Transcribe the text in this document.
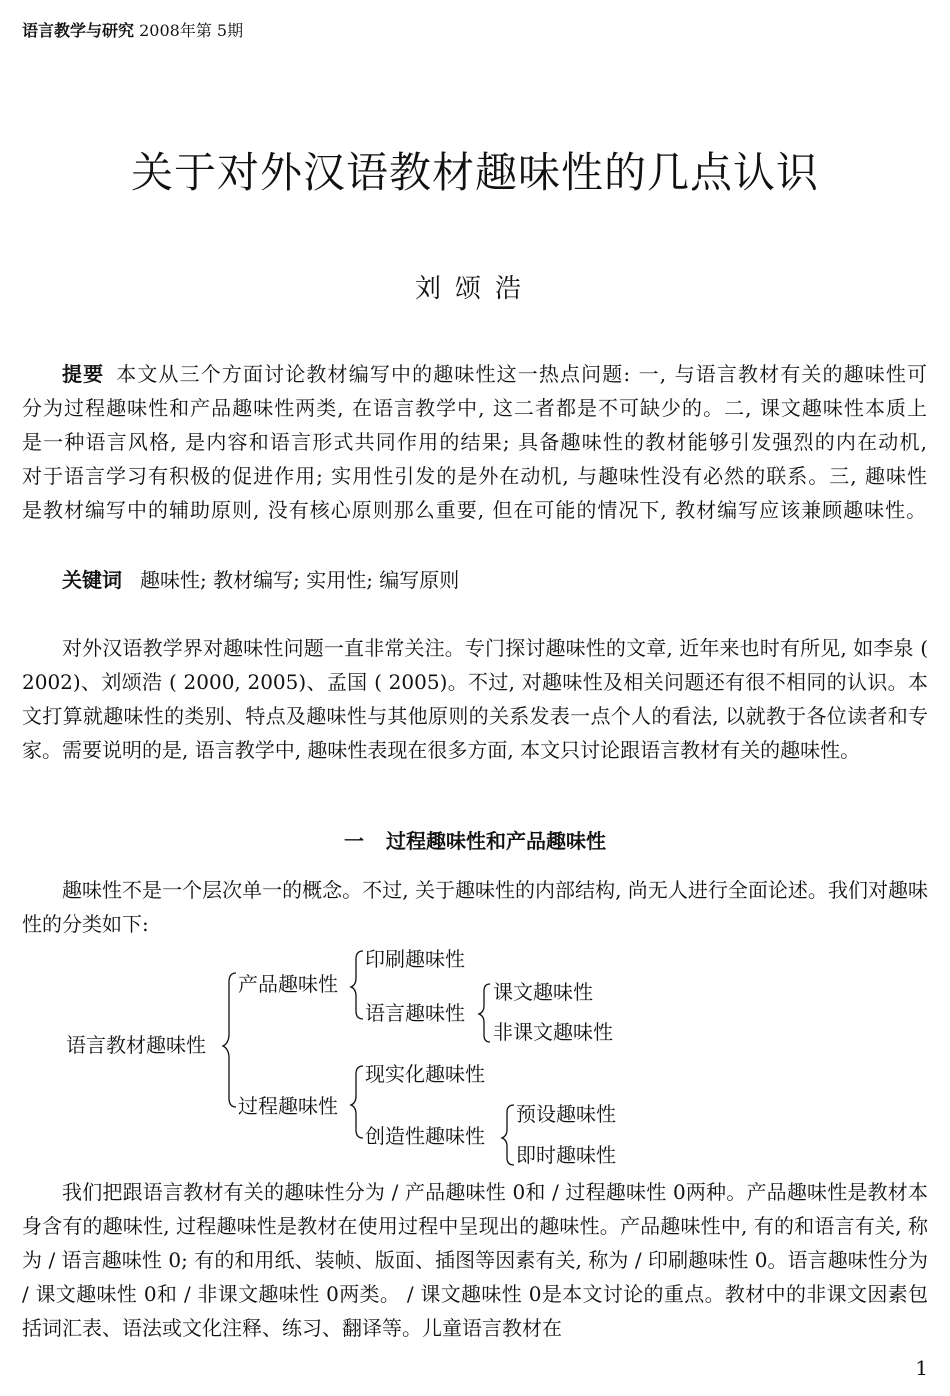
语言教学与研究 2008年第 5期
关于对外汉语教材趣味性的几点认识
刘颂浩

提要 本文从三个方面讨论教材编写中的趣味性这一热点问题: 一, 与语言教材有关的趣味性可分为过程趣味性和产品趣味性两类, 在语言教学中, 这二者都是不可缺少的。二, 课文趣味性本质上是一种语言风格, 是内容和语言形式共同作用的结果; 具备趣味性的教材能够引发强烈的内在动机, 对于语言学习有积极的促进作用; 实用性引发的是外在动机, 与趣味性没有必然的联系。三, 趣味性是教材编写中的辅助原则, 没有核心原则那么重要, 但在可能的情况下, 教材编写应该兼顾趣味性。

关键词 趣味性; 教材编写; 实用性; 编写原则

对外汉语教学界对趣味性问题一直非常关注。专门探讨趣味性的文章, 近年来也时有所见, 如李泉 ( 2002)、刘颂浩 ( 2000, 2005)、孟国 ( 2005)。不过, 对趣味性及相关问题还有很不相同的认识。本文打算就趣味性的类别、特点及趣味性与其他原则的关系发表一点个人的看法, 以就教于各位读者和专家。需要说明的是, 语言教学中, 趣味性表现在很多方面, 本文只讨论跟语言教材有关的趣味性。

一 过程趣味性和产品趣味性

趣味性不是一个层次单一的概念。不过, 关于趣味性的内部结构, 尚无人进行全面论述。我们对趣味性的分类如下:

语言教材趣味性
产品趣味性
过程趣味性
印刷趣味性
语言趣味性
课文趣味性
非课文趣味性
现实化趣味性
创造性趣味性
预设趣味性
即时趣味性

我们把跟语言教材有关的趣味性分为 / 产品趣味性 0和 / 过程趣味性 0两种。产品趣味性是教材本身含有的趣味性, 过程趣味性是教材在使用过程中呈现出的趣味性。产品趣味性中, 有的和语言有关, 称为 / 语言趣味性 0; 有的和用纸、装帧、版面、插图等因素有关, 称为 / 印刷趣味性 0。语言趣味性分为 / 课文趣味性 0和 / 非课文趣味性 0两类。 / 课文趣味性 0是本文讨论的重点。教材中的非课文因素包括词汇表、语法或文化注释、练习、翻译等。儿童语言教材在

1
